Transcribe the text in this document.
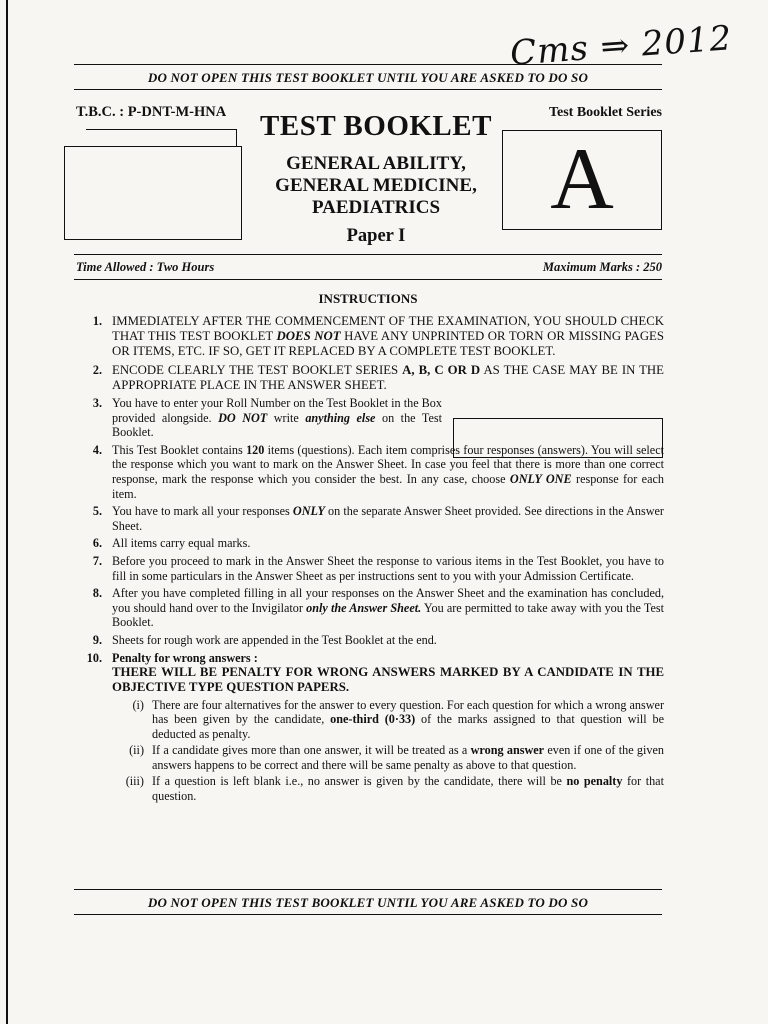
Cms ⇒ 2012
DO NOT OPEN THIS TEST BOOKLET UNTIL YOU ARE ASKED TO DO SO
T.B.C. : P-DNT-M-HNA	TEST BOOKLET
GENERAL ABILITY,
GENERAL MEDICINE,
PAEDIATRICS
Paper I
Test Booklet Series
A
Time Allowed : Two Hours	Maximum Marks : 250
INSTRUCTIONS
1. IMMEDIATELY AFTER THE COMMENCEMENT OF THE EXAMINATION, YOU SHOULD CHECK THAT THIS TEST BOOKLET DOES NOT HAVE ANY UNPRINTED OR TORN OR MISSING PAGES OR ITEMS, ETC. IF SO, GET IT REPLACED BY A COMPLETE TEST BOOKLET.
2. ENCODE CLEARLY THE TEST BOOKLET SERIES A, B, C OR D AS THE CASE MAY BE IN THE APPROPRIATE PLACE IN THE ANSWER SHEET.
3. You have to enter your Roll Number on the Test Booklet in the Box provided alongside. DO NOT write anything else on the Test Booklet.
4. This Test Booklet contains 120 items (questions). Each item comprises four responses (answers). You will select the response which you want to mark on the Answer Sheet. In case you feel that there is more than one correct response, mark the response which you consider the best. In any case, choose ONLY ONE response for each item.
5. You have to mark all your responses ONLY on the separate Answer Sheet provided. See directions in the Answer Sheet.
6. All items carry equal marks.
7. Before you proceed to mark in the Answer Sheet the response to various items in the Test Booklet, you have to fill in some particulars in the Answer Sheet as per instructions sent to you with your Admission Certificate.
8. After you have completed filling in all your responses on the Answer Sheet and the examination has concluded, you should hand over to the Invigilator only the Answer Sheet. You are permitted to take away with you the Test Booklet.
9. Sheets for rough work are appended in the Test Booklet at the end.
10. Penalty for wrong answers :
THERE WILL BE PENALTY FOR WRONG ANSWERS MARKED BY A CANDIDATE IN THE OBJECTIVE TYPE QUESTION PAPERS.
(i) There are four alternatives for the answer to every question. For each question for which a wrong answer has been given by the candidate, one-third (0·33) of the marks assigned to that question will be deducted as penalty.
(ii) If a candidate gives more than one answer, it will be treated as a wrong answer even if one of the given answers happens to be correct and there will be same penalty as above to that question.
(iii) If a question is left blank i.e., no answer is given by the candidate, there will be no penalty for that question.
DO NOT OPEN THIS TEST BOOKLET UNTIL YOU ARE ASKED TO DO SO
